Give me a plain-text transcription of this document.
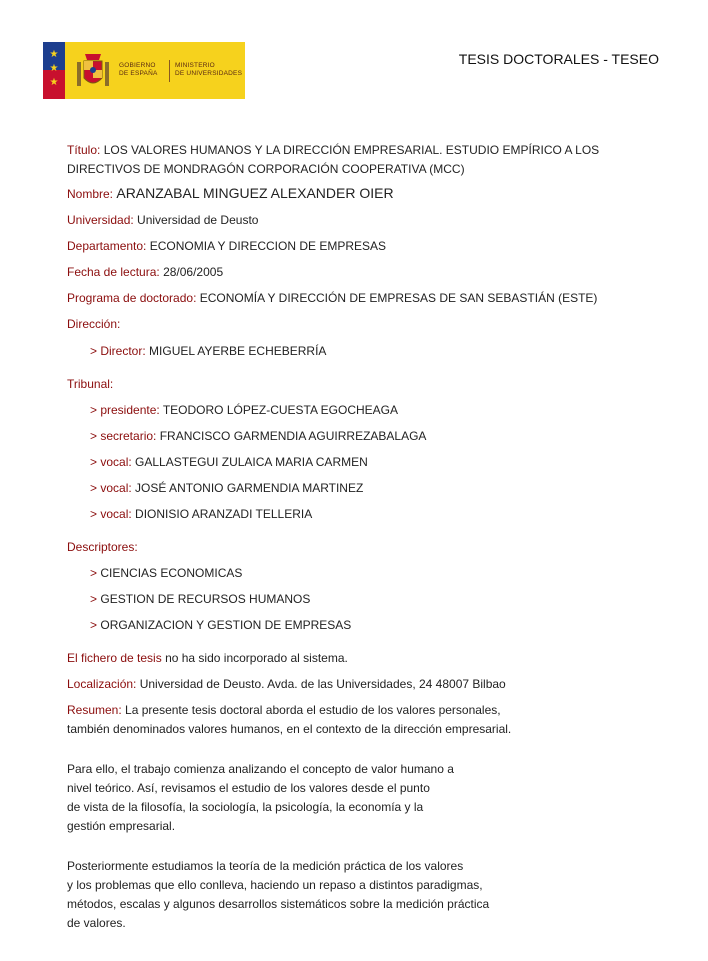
★
★
★
GOBIERNO
DE ESPAÑA
MINISTERIO
DE UNIVERSIDADES
TESIS DOCTORALES - TESEO
Título: LOS VALORES HUMANOS Y LA DIRECCIÓN EMPRESARIAL. ESTUDIO EMPÍRICO A LOS
DIRECTIVOS DE MONDRAGÓN CORPORACIÓN COOPERATIVA (MCC)
Nombre: ARANZABAL MINGUEZ ALEXANDER OIER
Universidad: Universidad de Deusto
Departamento: ECONOMIA Y DIRECCION DE EMPRESAS
Fecha de lectura: 28/06/2005
Programa de doctorado: ECONOMÍA Y DIRECCIÓN DE EMPRESAS DE SAN SEBASTIÁN (ESTE)
Dirección:
> Director: MIGUEL AYERBE ECHEBERRÍA
Tribunal:
> presidente: TEODORO LÓPEZ-CUESTA EGOCHEAGA
> secretario: FRANCISCO GARMENDIA AGUIRREZABALAGA
> vocal: GALLASTEGUI ZULAICA MARIA CARMEN
> vocal: JOSÉ ANTONIO GARMENDIA MARTINEZ
> vocal: DIONISIO ARANZADI TELLERIA
Descriptores:
> CIENCIAS ECONOMICAS
> GESTION DE RECURSOS HUMANOS
> ORGANIZACION Y GESTION DE EMPRESAS
El fichero de tesis no ha sido incorporado al sistema.
Localización: Universidad de Deusto. Avda. de las Universidades, 24 48007 Bilbao
Resumen: La presente tesis doctoral aborda el estudio de los valores personales,
también denominados valores humanos, en el contexto de la dirección empresarial.
Para ello, el trabajo comienza analizando el concepto de valor humano a
nivel teórico. Así, revisamos el estudio de los valores desde el punto
de vista de la filosofía, la sociología, la psicología, la economía y la
gestión empresarial.
Posteriormente estudiamos la teoría de la medición práctica de los valores
y los problemas que ello conlleva, haciendo un repaso a distintos paradigmas,
métodos, escalas y algunos desarrollos sistemáticos sobre la medición práctica
de valores.
